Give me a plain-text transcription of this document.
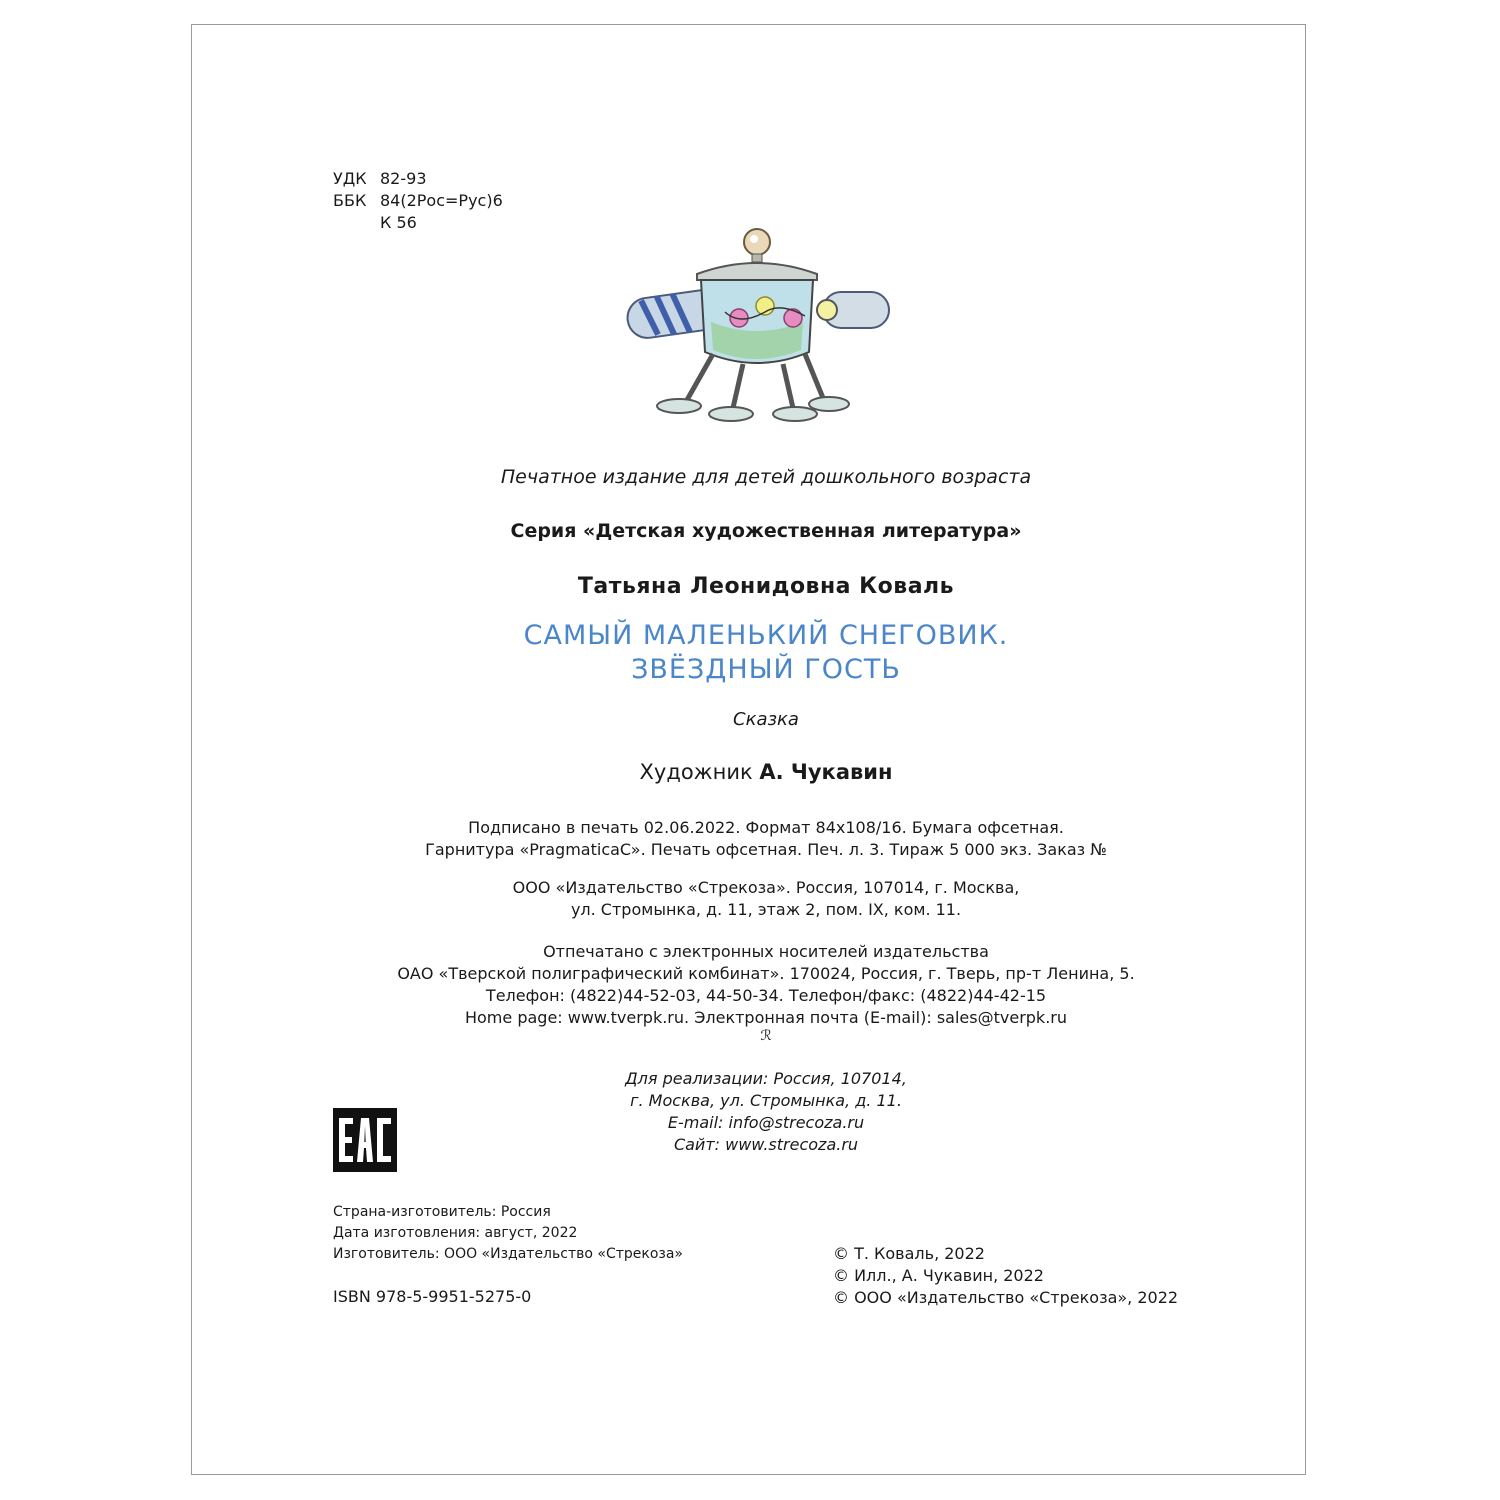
УДК 82-93
ББК 84(2Рос=Рус)6
К 56
Печатное издание для детей дошкольного возраста
Серия «Детская художественная литература»
Татьяна Леонидовна Коваль
САМЫЙ МАЛЕНЬКИЙ СНЕГОВИК.
ЗВЁЗДНЫЙ ГОСТЬ
Сказка
Художник А. Чукавин
Подписано в печать 02.06.2022. Формат 84х108/16. Бумага офсетная.
Гарнитура «PragmaticaC». Печать офсетная. Печ. л. 3. Тираж 5 000 экз. Заказ №
ООО «Издательство «Стрекоза». Россия, 107014, г. Москва,
ул. Стромынка, д. 11, этаж 2, пом. IX, ком. 11.
Отпечатано с электронных носителей издательства
ОАО «Тверской полиграфический комбинат». 170024, Россия, г. Тверь, пр-т Ленина, 5.
Телефон: (4822)44-52-03, 44-50-34. Телефон/факс: (4822)44-42-15
Home page: www.tverpk.ru. Электронная почта (E-mail): sales@tverpk.ru
ℛ
Для реализации: Россия, 107014,
г. Москва, ул. Стромынка, д. 11.
E-mail: info@strecoza.ru
Сайт: www.strecoza.ru
Страна-изготовитель: Россия
Дата изготовления: август, 2022
Изготовитель: ООО «Издательство «Стрекоза»
ISBN 978-5-9951-5275-0
© Т. Коваль, 2022
© Илл., А. Чукавин, 2022
© ООО «Издательство «Стрекоза», 2022
